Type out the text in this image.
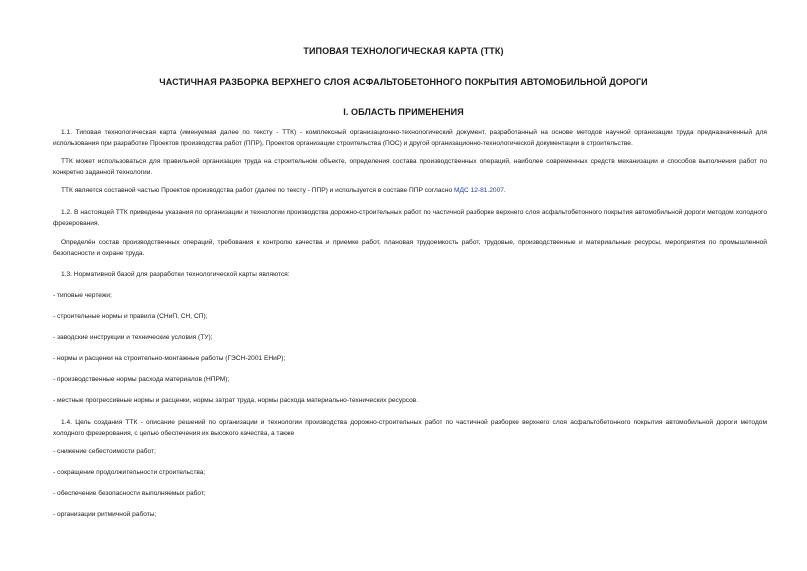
ТИПОВАЯ ТЕХНОЛОГИЧЕСКАЯ КАРТА (ТТК)
ЧАСТИЧНАЯ РАЗБОРКА ВЕРХНЕГО СЛОЯ АСФАЛЬТОБЕТОННОГО ПОКРЫТИЯ АВТОМОБИЛЬНОЙ ДОРОГИ
I. ОБЛАСТЬ ПРИМЕНЕНИЯ

1.1. Типовая технологическая карта (именуемая далее по тексту - ТТК) - комплексный организационно-технологический документ, разработанный на основе методов научной организации труда предназначенный для использования при разработке Проектов производства работ (ППР), Проектов организации строительства (ПОС) и другой организационно-технологической документации в строительстве.

ТТК может использоваться для правильной организации труда на строительном объекте, определения состава производственных операций, наиболее современных средств механизации и способов выполнения работ по конкретно заданной технологии.

ТТК является составной частью Проектов производства работ (далее по тексту - ППР) и используется в составе ППР согласно МДС 12-81.2007.

1.2. В настоящей ТТК приведены указания по организации и технологии производства дорожно-строительных работ по частичной разборке верхнего слоя асфальтобетонного покрытия автомобильной дороги методом холодного фрезерования.

Определён состав производственных операций, требования к контролю качества и приемке работ, плановая трудоемкость работ, трудовые, производственные и материальные ресурсы, мероприятия по промышленной безопасности и охране труда.

1.3. Нормативной базой для разработки технологической карты являются:

- типовые чертежи;

- строительные нормы и правила (СНиП, СН, СП);

- заводские инструкции и технические условия (ТУ);

- нормы и расценки на строительно-монтажные работы (ГЭСН-2001 ЕНиР);

- производственные нормы расхода материалов (НПРМ);

- местные прогрессивные нормы и расценки, нормы затрат труда, нормы расхода материально-технических ресурсов.

1.4. Цель создания ТТК - описание решений по организации и технологии производства дорожно-строительных работ по частичной разборке верхнего слоя асфальтобетонного покрытия автомобильной дороги методом холодного фрезерования, с целью обеспечения их высокого качества, а также

- снижение себестоимости работ;

- сокращение продолжительности строительства;

- обеспечение безопасности выполняемых работ;

- организации ритмичной работы;
